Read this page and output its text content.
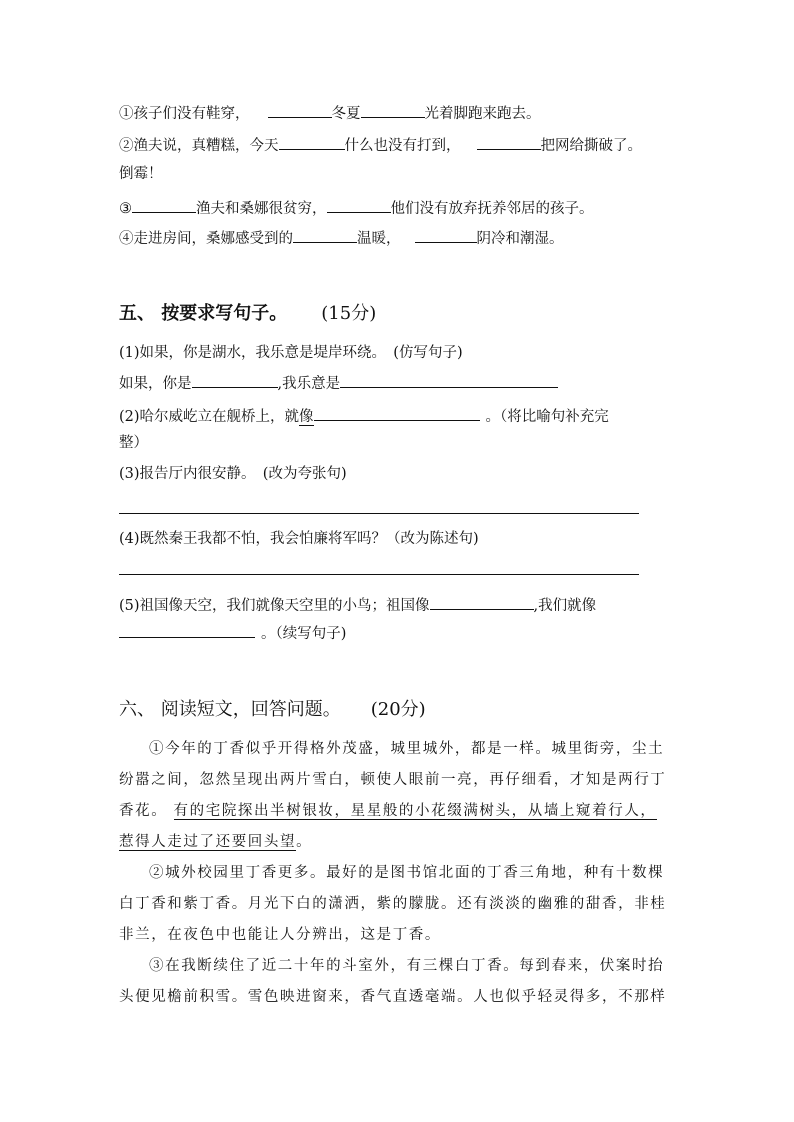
①孩子们没有鞋穿，	冬夏	光着脚跑来跑去。
②渔夫说，真糟糕，今天	什么也没有打到，	把网给撕破了。
倒霉！
③	渔夫和桑娜很贫穷，	他们没有放弃抚养邻居的孩子。
④走进房间，桑娜感受到的	温暖，	阴冷和潮湿。
五、 按要求写句子。 (15分)
(1)如果，你是湖水，我乐意是堤岸环绕。　(仿写句子)
如果，你是	,我乐意是
(2)哈尔威屹立在舰桥上，就像	。（将比喻句补充完
整）
(3)报告厅内很安静。　(改为夸张句)
(4)既然秦王我都不怕，我会怕廉将军吗？（改为陈述句)
(5)祖国像天空，我们就像天空里的小鸟；祖国像	,我们就像
。（续写句子)
六、 阅读短文，回答问题。 (20分)
①今年的丁香似乎开得格外茂盛，城里城外，都是一样。城里街旁，尘土纷嚣之间，忽然呈现出两片雪白，顿使人眼前一亮，再仔细看，才知是两行丁香花。 有的宅院探出半树银妆，星星般的小花缀满树头，从墙上窥着行人，惹得人走过了还要回头望。
②城外校园里丁香更多。最好的是图书馆北面的丁香三角地，种有十数棵白丁香和紫丁香。月光下白的潇洒，紫的朦胧。还有淡淡的幽雅的甜香，非桂非兰，在夜色中也能让人分辨出，这是丁香。
③在我断续住了近二十年的斗室外，有三棵白丁香。每到春来，伏案时抬头便见檐前积雪。雪色映进窗来，香气直透毫端。人也似乎轻灵得多，不那样
